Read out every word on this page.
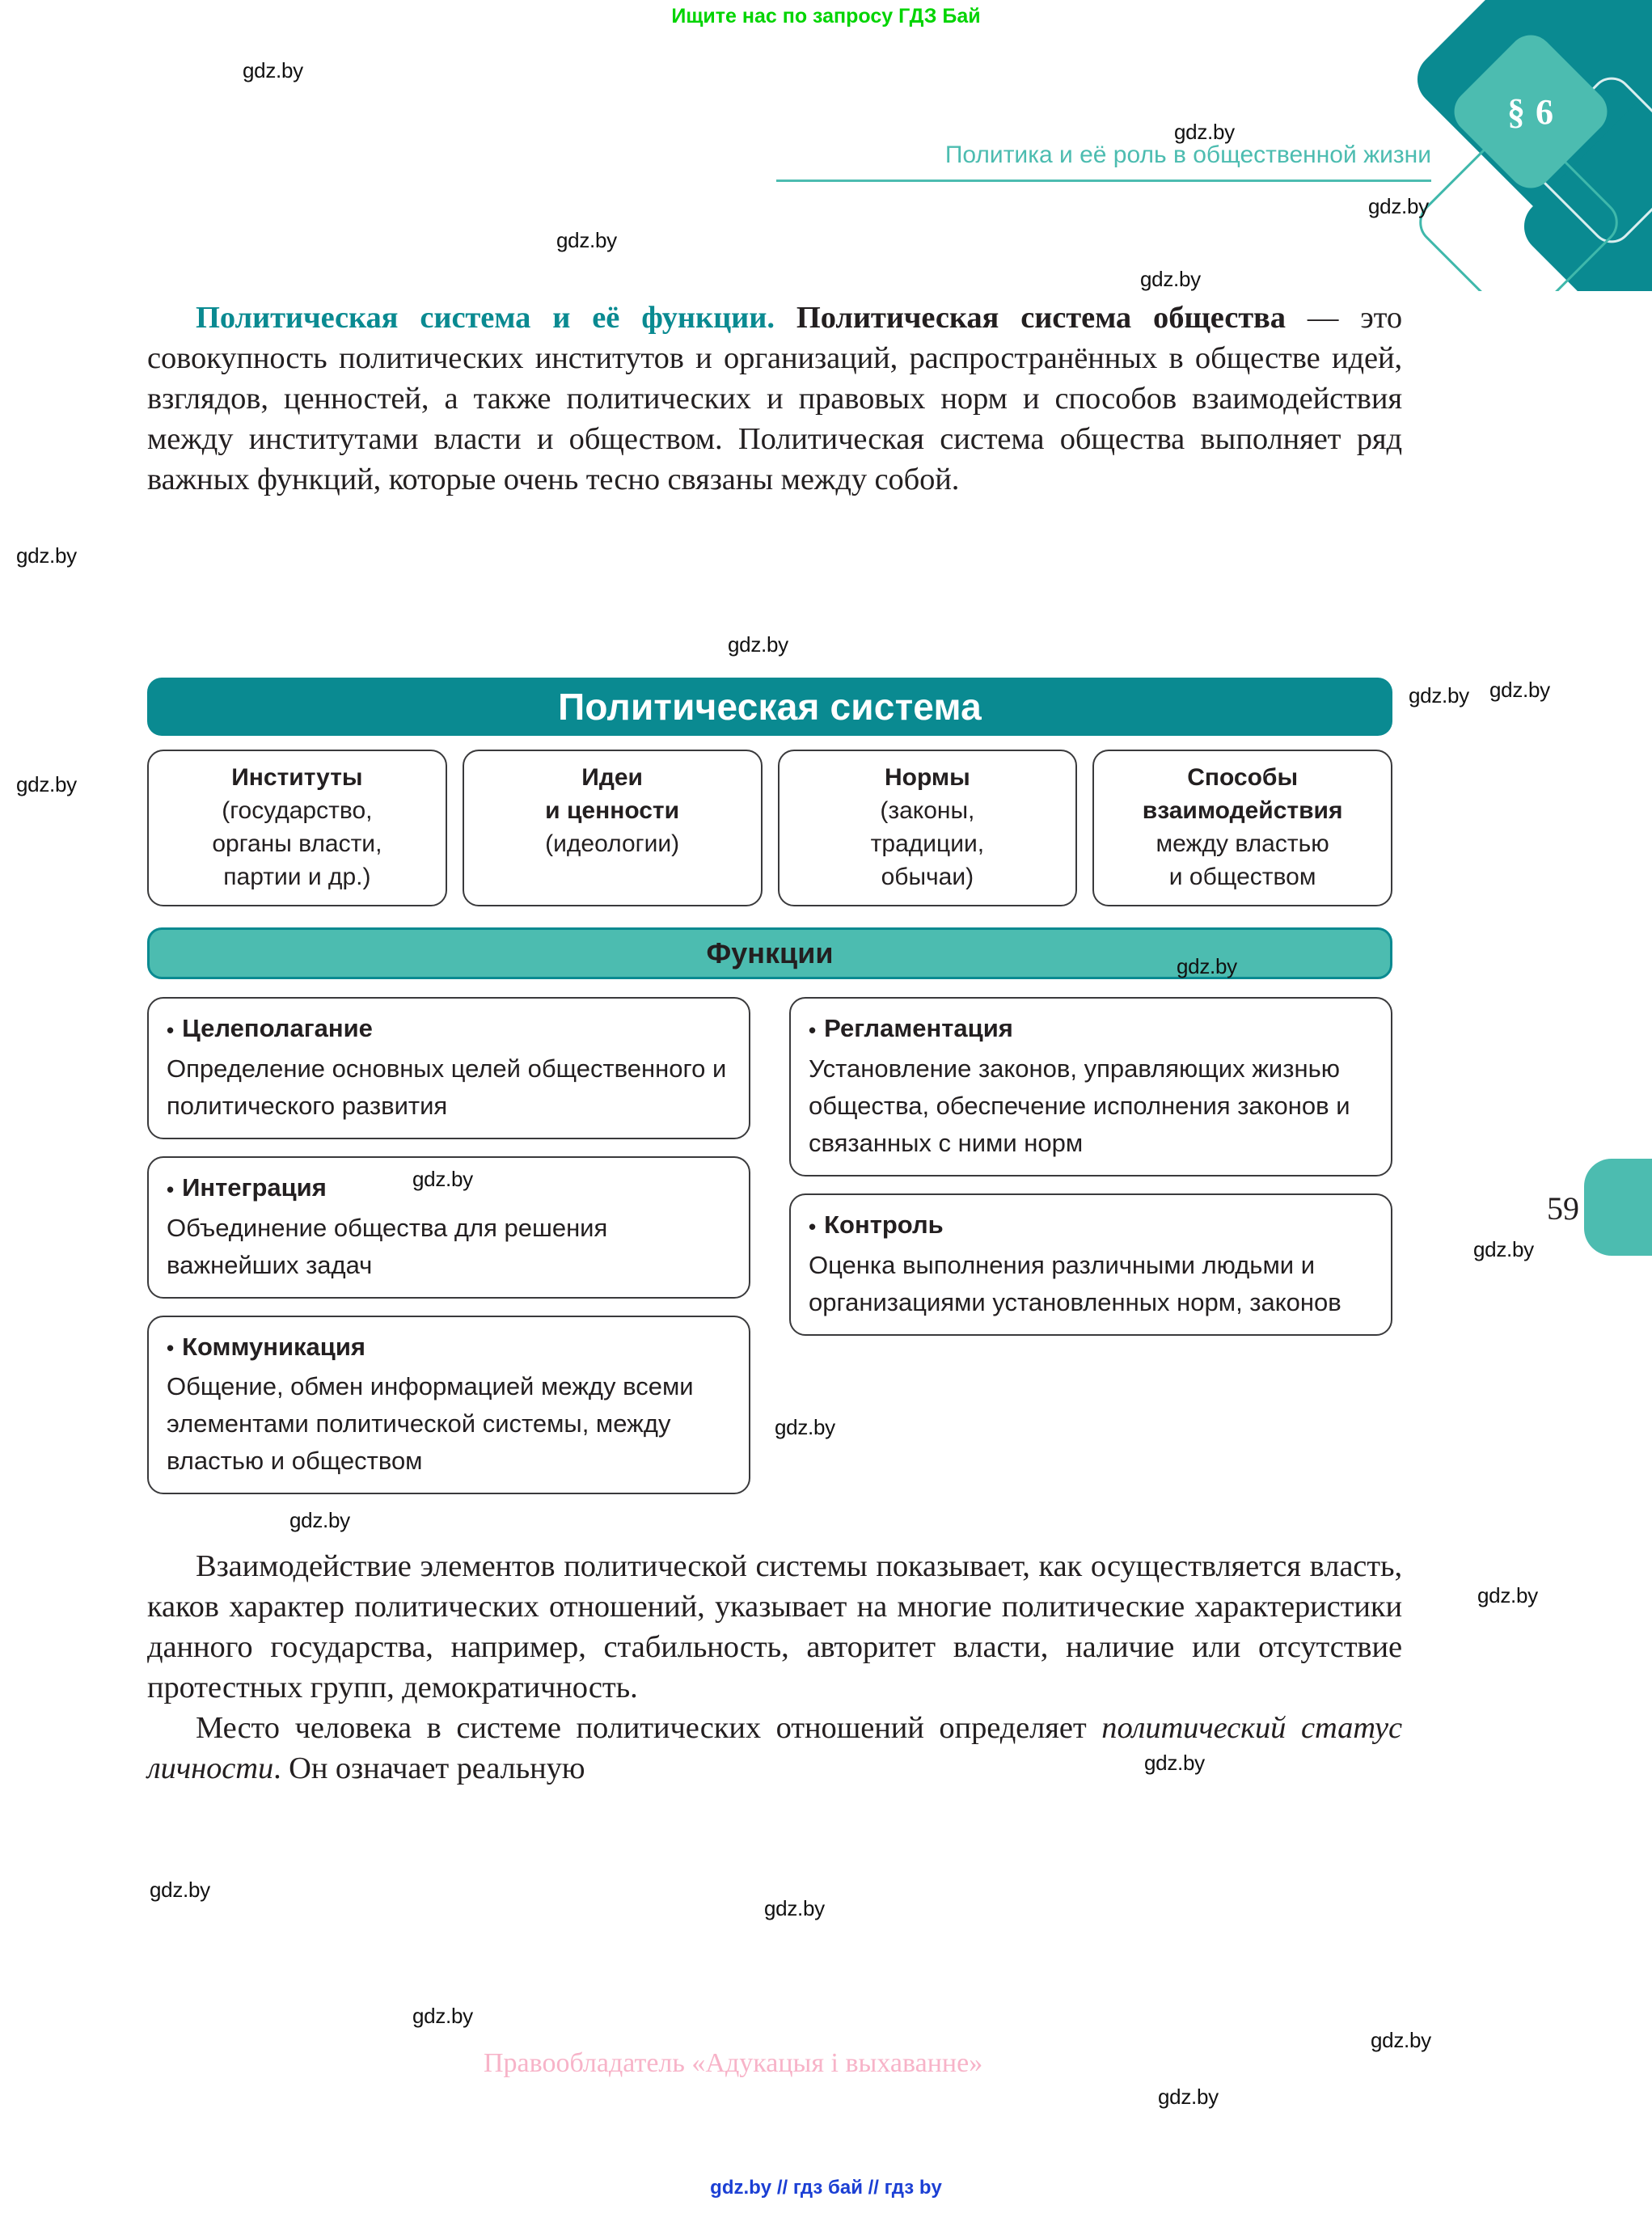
Ищите нас по запросу ГДЗ Бай
§ 6
Политика и её роль в общественной жизни

Политическая система и её функции. Политическая система общества — это совокупность политических институтов и организаций, распространённых в обществе идей, взглядов, ценностей, а также политических и правовых норм и способов взаимодействия между институтами власти и обществом. Политическая система общества выполняет ряд важных функций, которые очень тесно связаны между собой.

Политическая система
Институты
(государство,
органы власти,
партии и др.)
Идеи
и ценности
(идеологии)
Нормы
(законы,
традиции,
обычаи)
Способы
взаимодействия
между властью
и обществом
Функции
• Целеполагание
Определение основных целей общественного и политического развития
• Интеграция
Объединение общества для решения важнейших задач
• Коммуникация
Общение, обмен информацией между всеми элементами политической системы, между властью и обществом
• Регламентация
Установление законов, управляющих жизнью общества, обеспечение исполнения законов и связанных с ними норм
• Контроль
Оценка выполнения различными людьми и организациями установленных норм, законов

Взаимодействие элементов политической системы показывает, как осуществляется власть, каков характер политических отношений, указывает на многие политические характеристики данного государства, например, стабильность, авторитет власти, наличие или отсутствие протестных групп, демократичность.

Место человека в системе политических отношений определяет политический статус личности. Он означает реальную

59
Правообладатель «Адукацыя і выхаванне»
gdz.by // гдз бай // гдз by
gdz.by
gdz.by
gdz.by
gdz.by
gdz.by
gdz.by
gdz.by
gdz.by
gdz.by
gdz.by
gdz.by
gdz.by
gdz.by
gdz.by
gdz.by
gdz.by
gdz.by
gdz.by
gdz.by
gdz.by
gdz.by
gdz.by
